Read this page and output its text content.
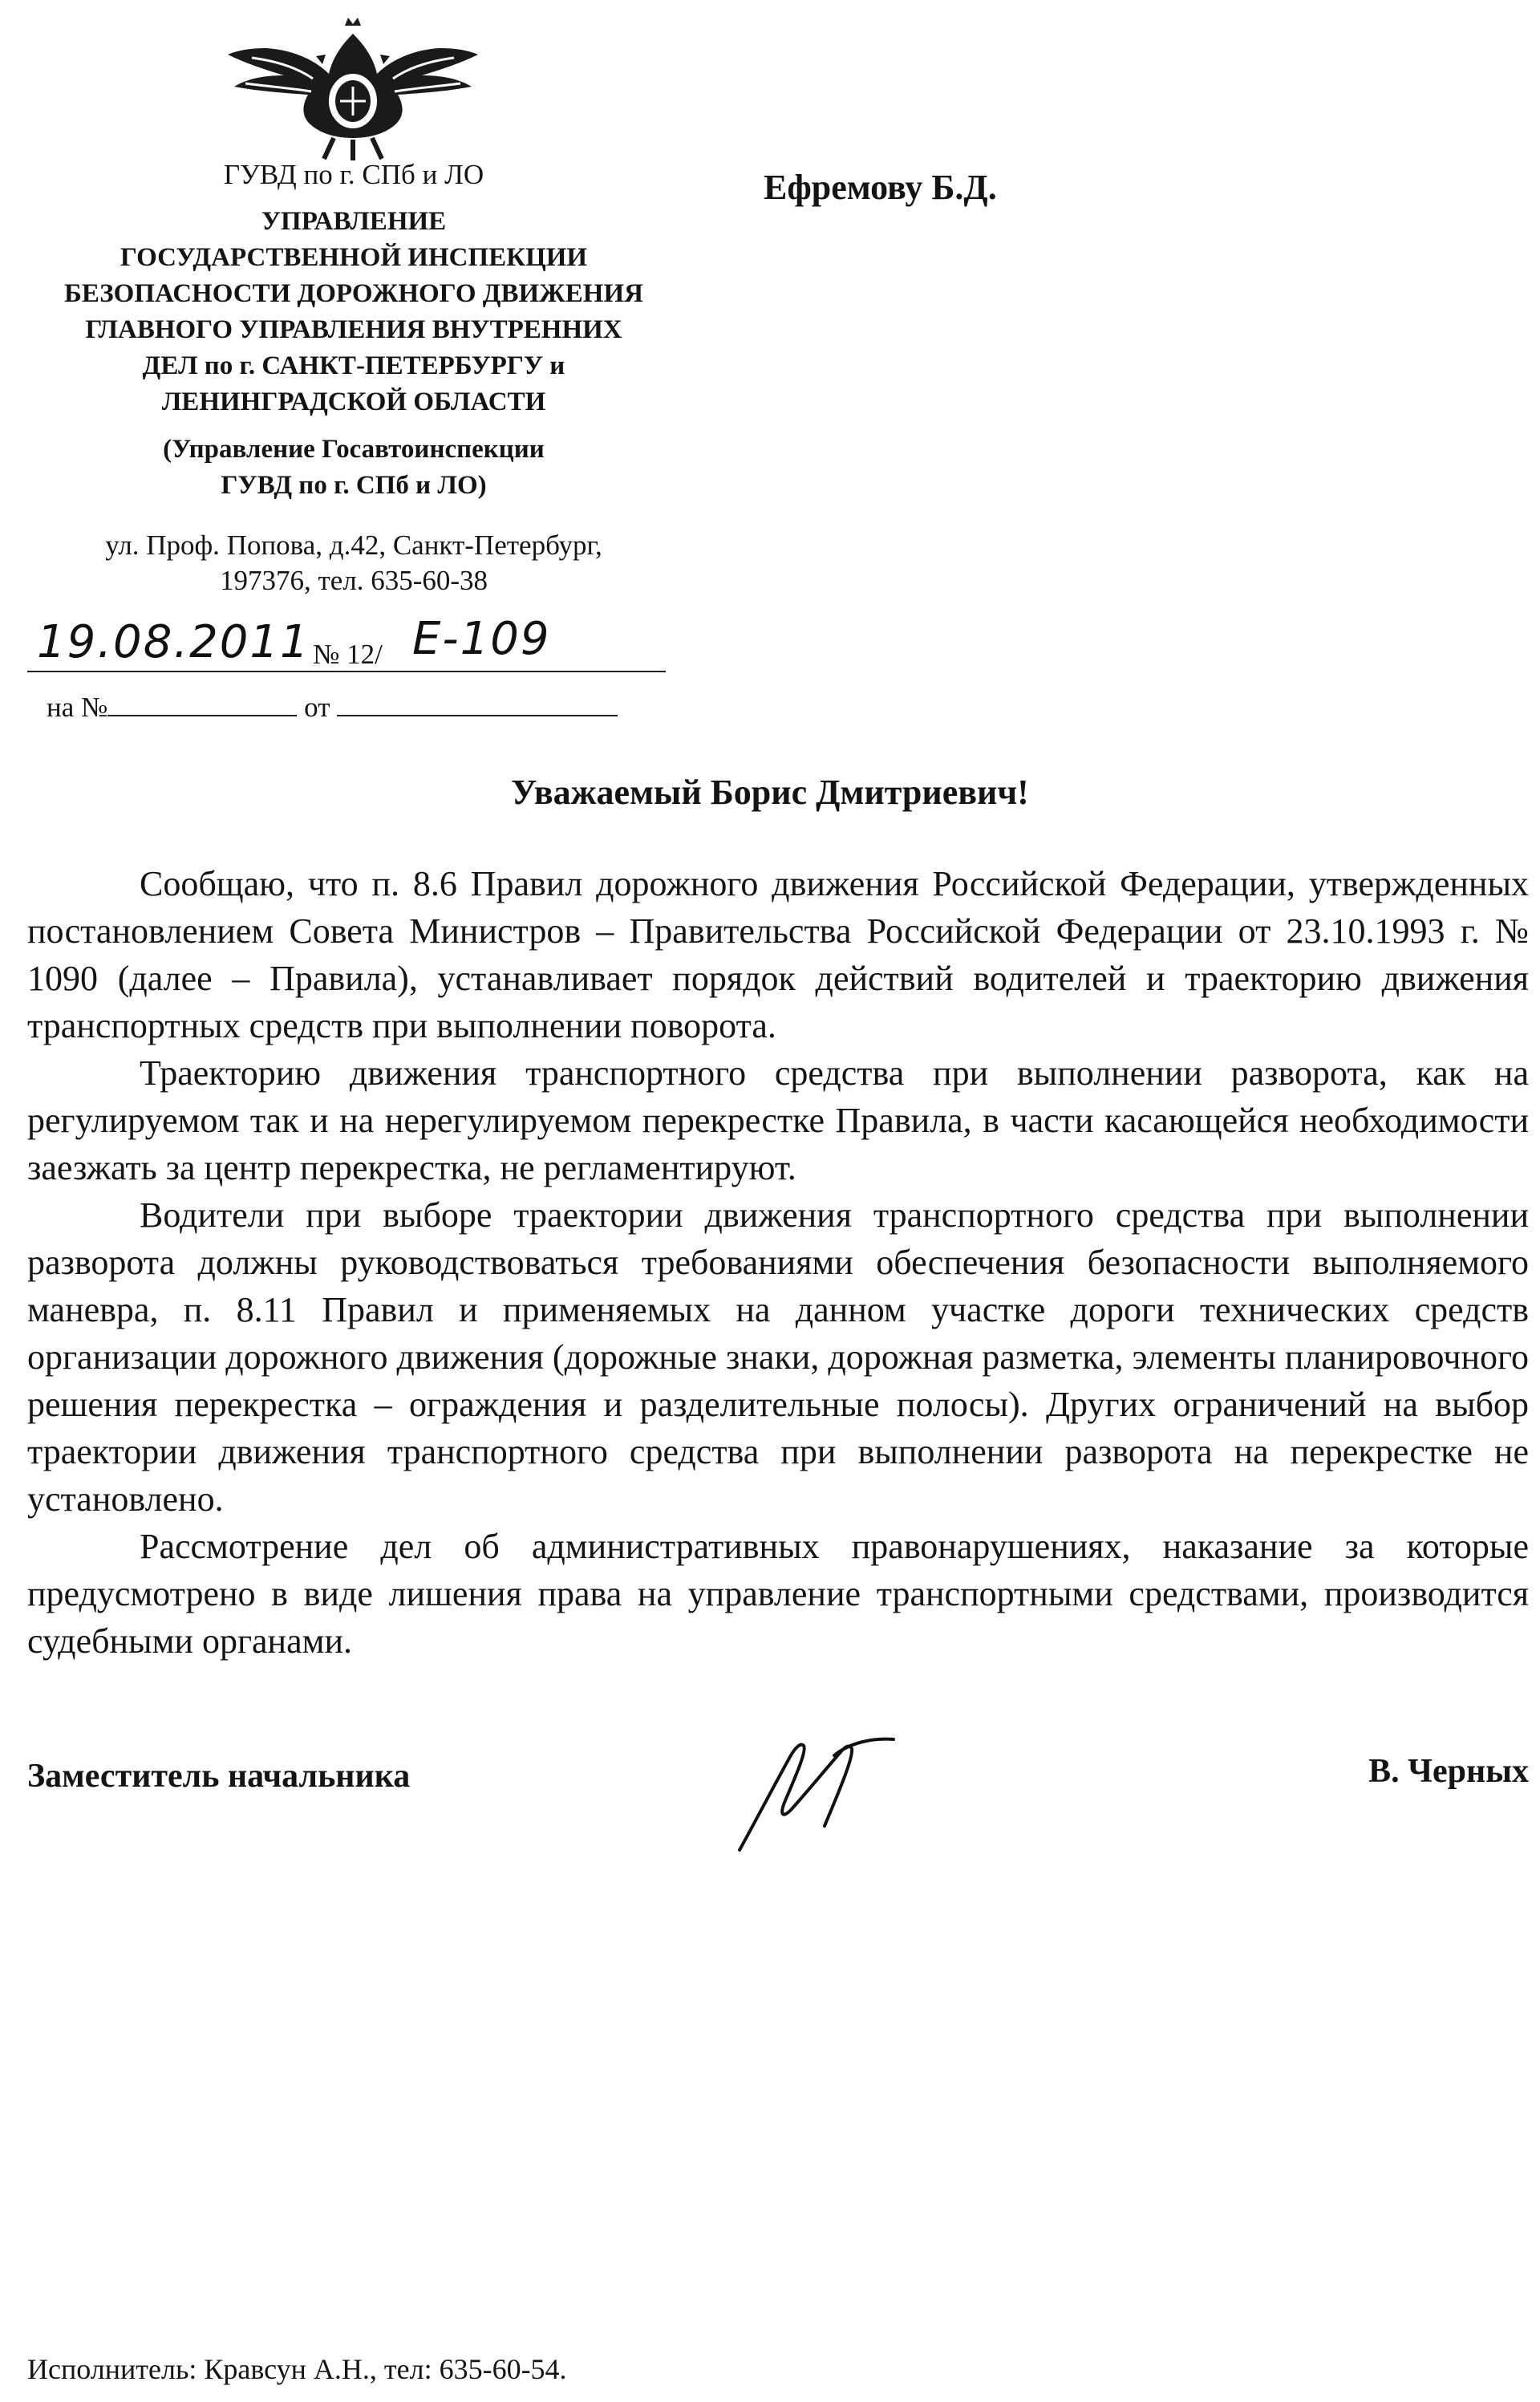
ГУВД по г. СПб и ЛО
УПРАВЛЕНИЕ
ГОСУДАРСТВЕННОЙ ИНСПЕКЦИИ
БЕЗОПАСНОСТИ ДОРОЖНОГО ДВИЖЕНИЯ
ГЛАВНОГО УПРАВЛЕНИЯ ВНУТРЕННИХ
ДЕЛ по г. САНКТ-ПЕТЕРБУРГУ и
ЛЕНИНГРАДСКОЙ ОБЛАСТИ
(Управление Госавтоинспекции
ГУВД по г. СПб и ЛО)
ул. Проф. Попова, д.42, Санкт-Петербург,
197376, тел. 635-60-38
Ефремову Б.Д.
19.08.2011 № 12/ Е-109
на №	от
Уважаемый Борис Дмитриевич!

Сообщаю, что п. 8.6 Правил дорожного движения Российской Федерации, утвержденных постановлением Совета Министров – Правительства Российской Федерации от 23.10.1993 г. № 1090 (далее – Правила), устанавливает порядок действий водителей и траекторию движения транспортных средств при выполнении поворота.

Траекторию движения транспортного средства при выполнении разворота, как на регулируемом так и на нерегулируемом перекрестке Правила, в части касающейся необходимости заезжать за центр перекрестка, не регламентируют.

Водители при выборе траектории движения транспортного средства при выполнении разворота должны руководствоваться требованиями обеспечения безопасности выполняемого маневра, п. 8.11 Правил и применяемых на данном участке дороги технических средств организации дорожного движения (дорожные знаки, дорожная разметка, элементы планировочного решения перекрестка – ограждения и разделительные полосы). Других ограничений на выбор траектории движения транспортного средства при выполнении разворота на перекрестке не установлено.

Рассмотрение дел об административных правонарушениях, наказание за которые предусмотрено в виде лишения права на управление транспортными средствами, производится судебными органами.

Заместитель начальника	В. Черных
Исполнитель: Кравсун А.Н., тел: 635-60-54.
